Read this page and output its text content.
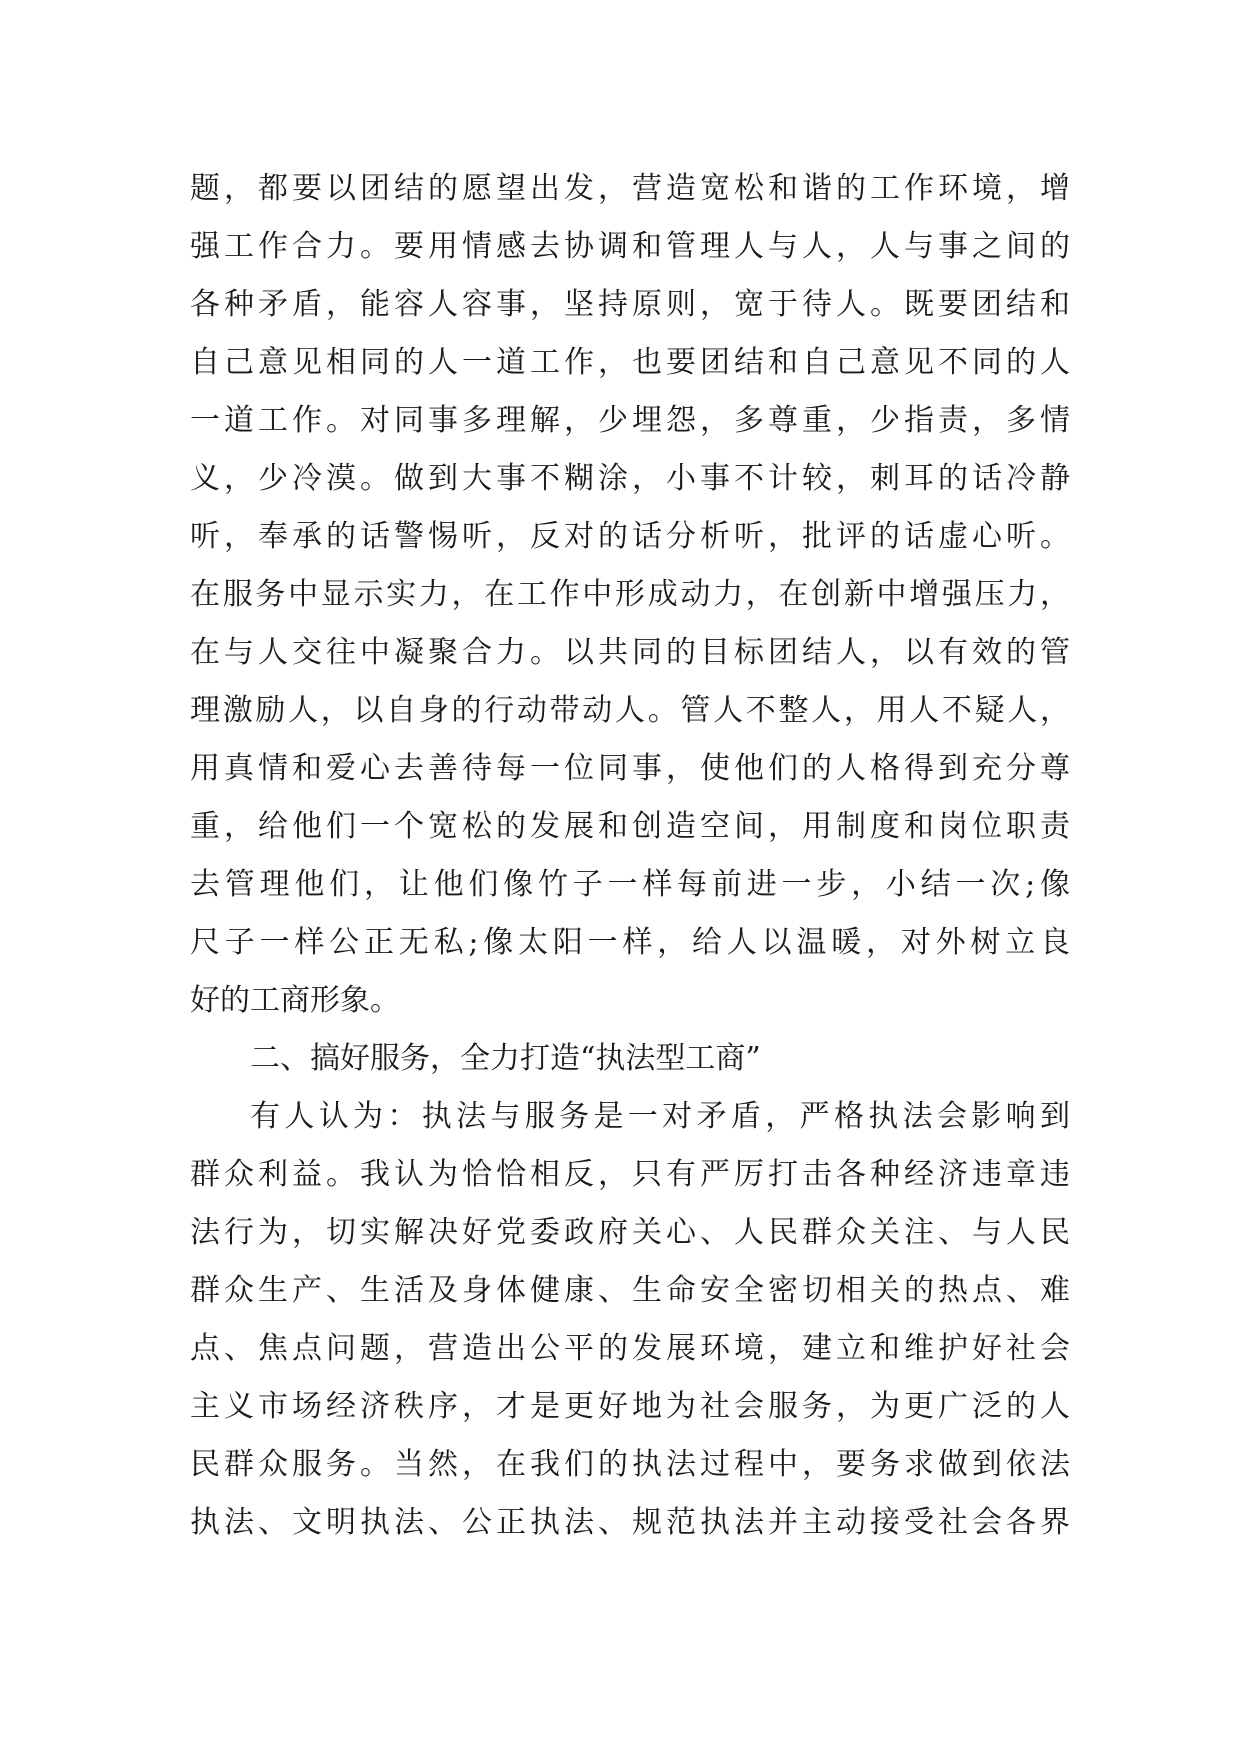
题，都要以团结的愿望出发，营造宽松和谐的工作环境，增
强工作合力。要用情感去协调和管理人与人，人与事之间的
各种矛盾，能容人容事，坚持原则，宽于待人。既要团结和
自己意见相同的人一道工作，也要团结和自己意见不同的人
一道工作。对同事多理解，少埋怨，多尊重，少指责，多情
义，少冷漠。做到大事不糊涂，小事不计较，刺耳的话冷静
听，奉承的话警惕听，反对的话分析听，批评的话虚心听。
在服务中显示实力，在工作中形成动力，在创新中增强压力，
在与人交往中凝聚合力。以共同的目标团结人，以有效的管
理激励人，以自身的行动带动人。管人不整人，用人不疑人，
用真情和爱心去善待每一位同事，使他们的人格得到充分尊
重，给他们一个宽松的发展和创造空间，用制度和岗位职责
去管理他们，让他们像竹子一样每前进一步，小结一次;像
尺子一样公正无私;像太阳一样，给人以温暖，对外树立良
好的工商形象。
二、搞好服务，全力打造“执法型工商”
有人认为：执法与服务是一对矛盾，严格执法会影响到
群众利益。我认为恰恰相反，只有严厉打击各种经济违章违
法行为，切实解决好党委政府关心、人民群众关注、与人民
群众生产、生活及身体健康、生命安全密切相关的热点、难
点、焦点问题，营造出公平的发展环境，建立和维护好社会
主义市场经济秩序，才是更好地为社会服务，为更广泛的人
民群众服务。当然，在我们的执法过程中，要务求做到依法
执法、文明执法、公正执法、规范执法并主动接受社会各界
